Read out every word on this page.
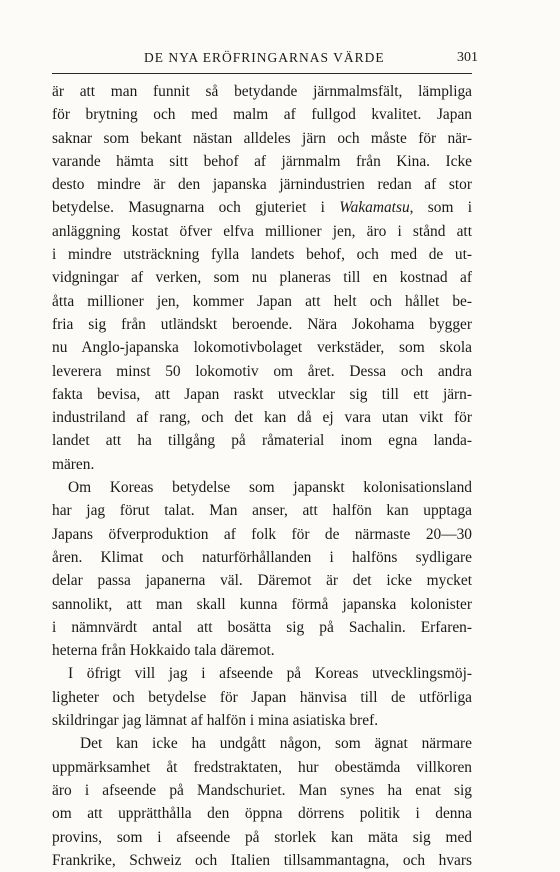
DE NYA ERÖFRINGARNAS VÄRDE	301
är att man funnit så betydande järnmalmsfält, lämpliga
för brytning och med malm af fullgod kvalitet. Japan
saknar som bekant nästan alldeles järn och måste för när-
varande hämta sitt behof af järnmalm från Kina. Icke
desto mindre är den japanska järnindustrien redan af stor
betydelse. Masugnarna och gjuteriet i Wakamatsu, som i
anläggning kostat öfver elfva millioner jen, äro i stånd att
i mindre utsträckning fylla landets behof, och med de ut-
vidgningar af verken, som nu planeras till en kostnad af
åtta millioner jen, kommer Japan att helt och hållet be-
fria sig från utländskt beroende. Nära Jokohama bygger
nu Anglo-japanska lokomotivbolaget verkstäder, som skola
leverera minst 50 lokomotiv om året. Dessa och andra
fakta bevisa, att Japan raskt utvecklar sig till ett järn-
industriland af rang, och det kan då ej vara utan vikt för
landet att ha tillgång på råmaterial inom egna landa-
mären.
Om Koreas betydelse som japanskt kolonisationsland
har jag förut talat. Man anser, att halfön kan upptaga
Japans öfverproduktion af folk för de närmaste 20—30
åren. Klimat och naturförhållanden i halföns sydligare
delar passa japanerna väl. Däremot är det icke mycket
sannolikt, att man skall kunna förmå japanska kolonister
i nämnvärdt antal att bosätta sig på Sachalin. Erfaren-
heterna från Hokkaido tala däremot.
I öfrigt vill jag i afseende på Koreas utvecklingsmöj-
ligheter och betydelse för Japan hänvisa till de utförliga
skildringar jag lämnat af halfön i mina asiatiska bref.
Det kan icke ha undgått någon, som ägnat närmare
uppmärksamhet åt fredstraktaten, hur obestämda villkoren
äro i afseende på Mandschuriet. Man synes ha enat sig
om att upprätthålla den öppna dörrens politik i denna
provins, som i afseende på storlek kan mäta sig med
Frankrike, Schweiz och Italien tillsammantagna, och hvars
